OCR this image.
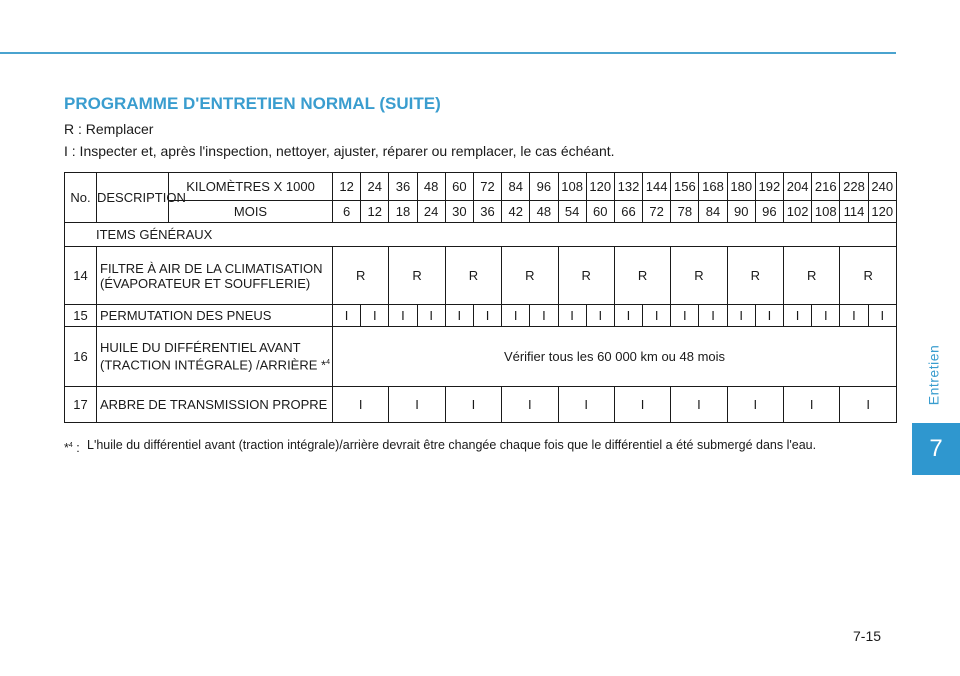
Entretien
7
PROGRAMME D'ENTRETIEN NORMAL (SUITE)
R : Remplacer
I : Inspecter et, après l'inspection, nettoyer, ajuster, réparer ou remplacer, le cas échéant.
No.	DESCRIPTION	KILOMÈTRES X 1000	12	24	36	48	60	72	84	96	108	120	132	144	156	168	180	192	204	216	228	240
		MOIS	6	12	18	24	30	36	42	48	54	60	66	72	78	84	90	96	102	108	114	120
ITEMS GÉNÉRAUX																						
14	FILTRE À AIR DE LA CLIMATISATION (ÉVAPORATEUR ET SOUFFLERIE)		R		R		R		R		R		R		R		R		R		R	
15	PERMUTATION DES PNEUS		I	I	I	I	I	I	I	I	I	I	I	I	I	I	I	I	I	I	I	I
16	HUILE DU DIFFÉRENTIEL AVANT (TRACTION INTÉGRALE) /ARRIÈRE *$^4$		Vérifier tous les 60 000 km ou 48 mois																			
17	ARBRE DE TRANSMISSION PROPRE		I		I		I		I		I		I		I		I		I		I	
*$^4$ : L'huile du différentiel avant (traction intégrale)/arrière devrait être changée chaque fois que le différentiel a été submergé dans l'eau.
7-15
